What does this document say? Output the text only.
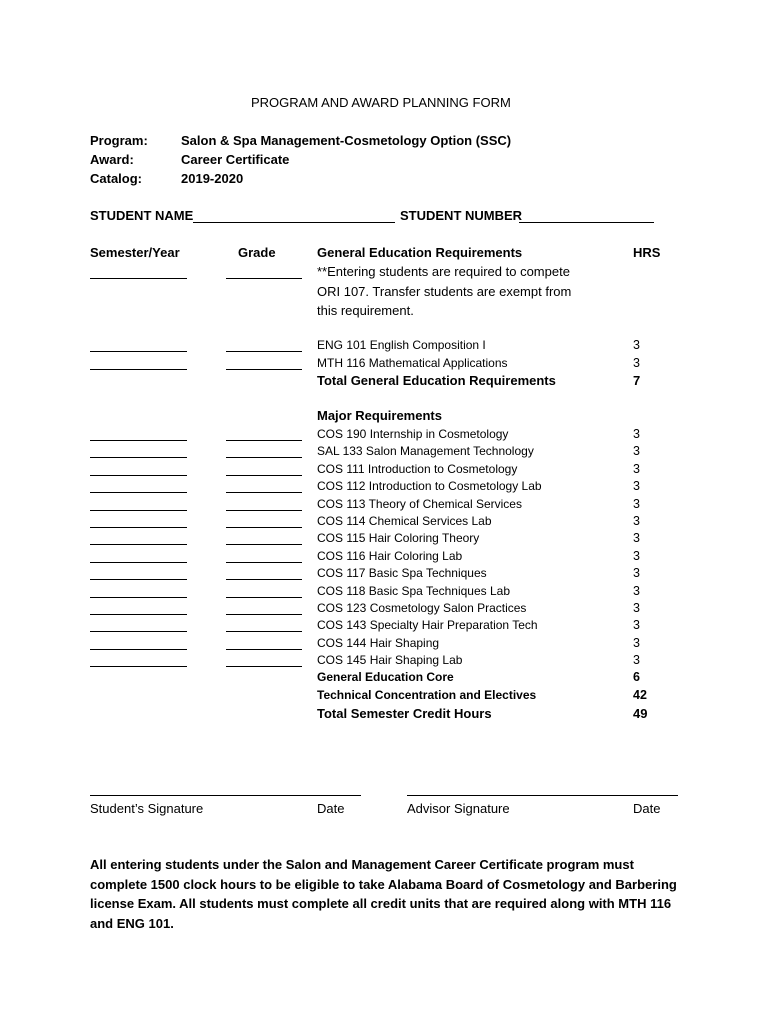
PROGRAM AND AWARD PLANNING FORM
Program:	Salon & Spa Management-Cosmetology Option (SSC)
Award:	Career Certificate
Catalog:	2019-2020
STUDENT NAME	STUDENT NUMBER
Semester/Year	Grade	General Education Requirements	HRS
**Entering students are required to compete ORI 107. Transfer students are exempt from this requirement.
ENG 101 English Composition I	3
MTH 116 Mathematical Applications	3
Total General Education Requirements	7
Major Requirements
COS 190 Internship in Cosmetology	3
SAL 133 Salon Management Technology	3
COS 111 Introduction to Cosmetology	3
COS 112 Introduction to Cosmetology Lab	3
COS 113 Theory of Chemical Services	3
COS 114 Chemical Services Lab	3
COS 115 Hair Coloring Theory	3
COS 116 Hair Coloring Lab	3
COS 117 Basic Spa Techniques	3
COS 118 Basic Spa Techniques Lab	3
COS 123 Cosmetology Salon Practices	3
COS 143 Specialty Hair Preparation Tech	3
COS 144 Hair Shaping	3
COS 145 Hair Shaping Lab	3
General Education Core	6
Technical Concentration and Electives	42
Total Semester Credit Hours	49
Student’s Signature	Date	Advisor Signature	Date
All entering students under the Salon and Management Career Certificate program must complete 1500 clock hours to be eligible to take Alabama Board of Cosmetology and Barbering license Exam. All students must complete all credit units that are required along with MTH 116 and ENG 101.
